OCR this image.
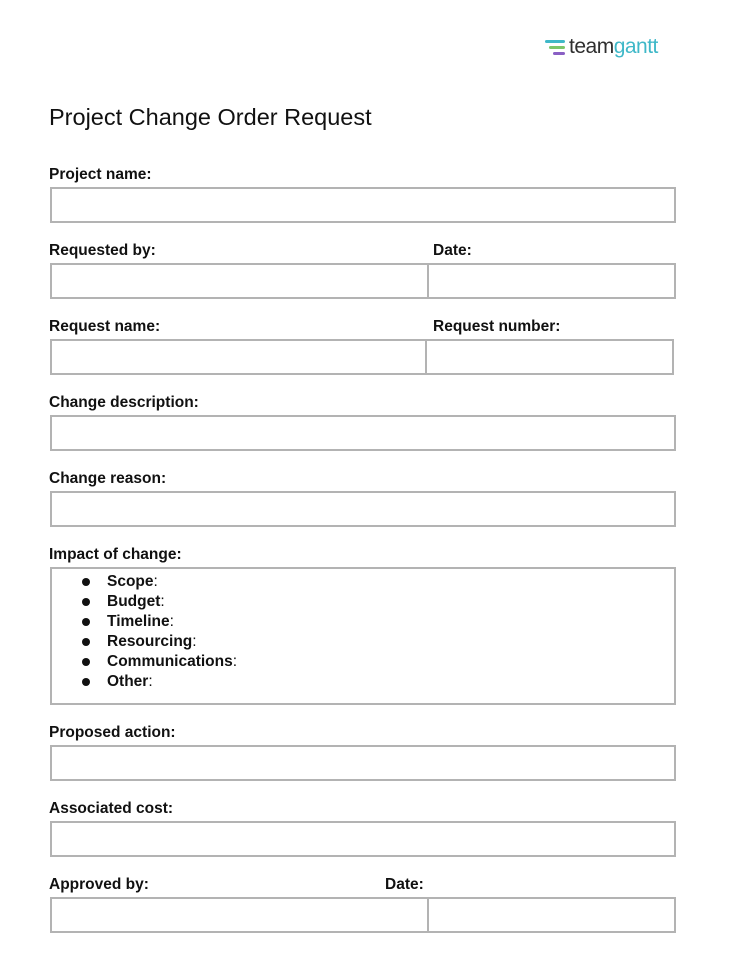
teamgantt
Project Change Order Request
Project name:
Requested by:	Date:
Request name:	Request number:
Change description:
Change reason:
Impact of change:
Scope:
Budget:
Timeline:
Resourcing:
Communications:
Other:
Proposed action:
Associated cost:
Approved by:	Date:
